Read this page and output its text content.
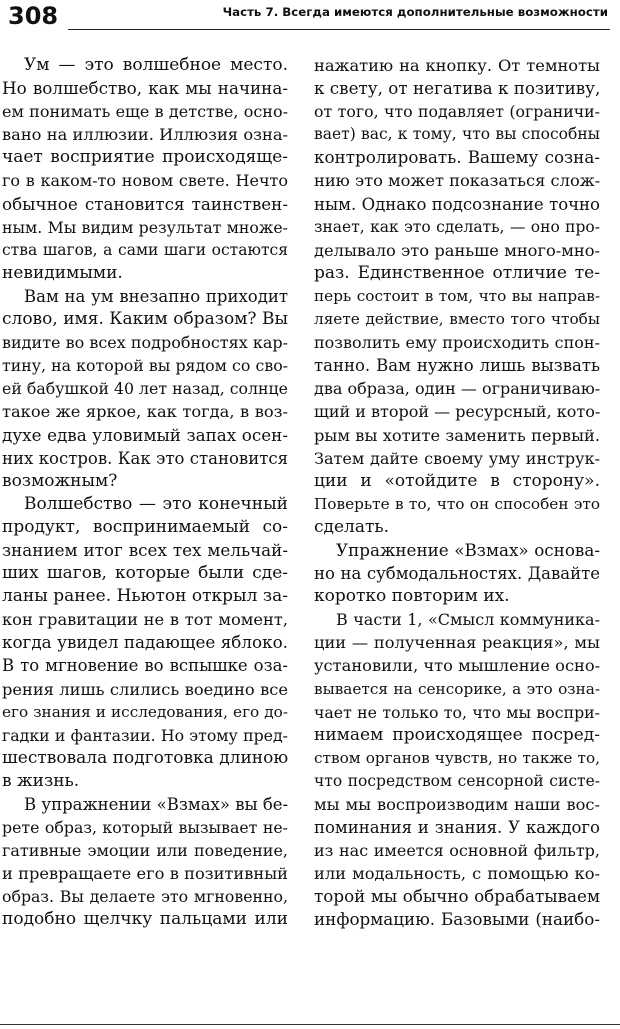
308	Часть 7. Всегда имеются дополнительные возможности
Ум — это волшебное место.
Но волшебство, как мы начина-
ем понимать еще в детстве, осно-
вано на иллюзии. Иллюзия озна-
чает восприятие происходяще-
го в каком-то новом свете. Нечто
обычное становится таинствен-
ным. Мы видим результат множе-
ства шагов, а сами шаги остаются
невидимыми.
Вам на ум внезапно приходит
слово, имя. Каким образом? Вы
видите во всех подробностях кар-
тину, на которой вы рядом со сво-
ей бабушкой 40 лет назад, солнце
такое же яркое, как тогда, в воз-
духе едва уловимый запах осен-
них костров. Как это становится
возможным?
Волшебство — это конечный
продукт, воспринимаемый со-
знанием итог всех тех мельчай-
ших шагов, которые были сде-
ланы ранее. Ньютон открыл за-
кон гравитации не в тот момент,
когда увидел падающее яблоко.
В то мгновение во вспышке оза-
рения лишь слились воедино все
его знания и исследования, его до-
гадки и фантазии. Но этому пред-
шествовала подготовка длиною
в жизнь.
В упражнении «Взмах» вы бе-
рете образ, который вызывает не-
гативные эмоции или поведение,
и превращаете его в позитивный
образ. Вы делаете это мгновенно,
подобно щелчку пальцами или
нажатию на кнопку. От темноты
к свету, от негатива к позитиву,
от того, что подавляет (ограничи-
вает) вас, к тому, что вы способны
контролировать. Вашему созна-
нию это может показаться слож-
ным. Однако подсознание точно
знает, как это сделать, — оно про-
делывало это раньше много-мно-
раз. Единственное отличие те-
перь состоит в том, что вы направ-
ляете действие, вместо того чтобы
позволить ему происходить спон-
танно. Вам нужно лишь вызвать
два образа, один — ограничиваю-
щий и второй — ресурсный, кото-
рым вы хотите заменить первый.
Затем дайте своему уму инструк-
ции и «отойдите в сторону».
Поверьте в то, что он способен это
сделать.
Упражнение «Взмах» основа-
но на субмодальностях. Давайте
коротко повторим их.
В части 1, «Смысл коммуника-
ции — полученная реакция», мы
установили, что мышление осно-
вывается на сенсорике, а это озна-
чает не только то, что мы воспри-
нимаем происходящее посред-
ством органов чувств, но также то,
что посредством сенсорной систе-
мы мы воспроизводим наши вос-
поминания и знания. У каждого
из нас имеется основной фильтр,
или модальность, с помощью ко-
торой мы обычно обрабатываем
информацию. Базовыми (наибо-
